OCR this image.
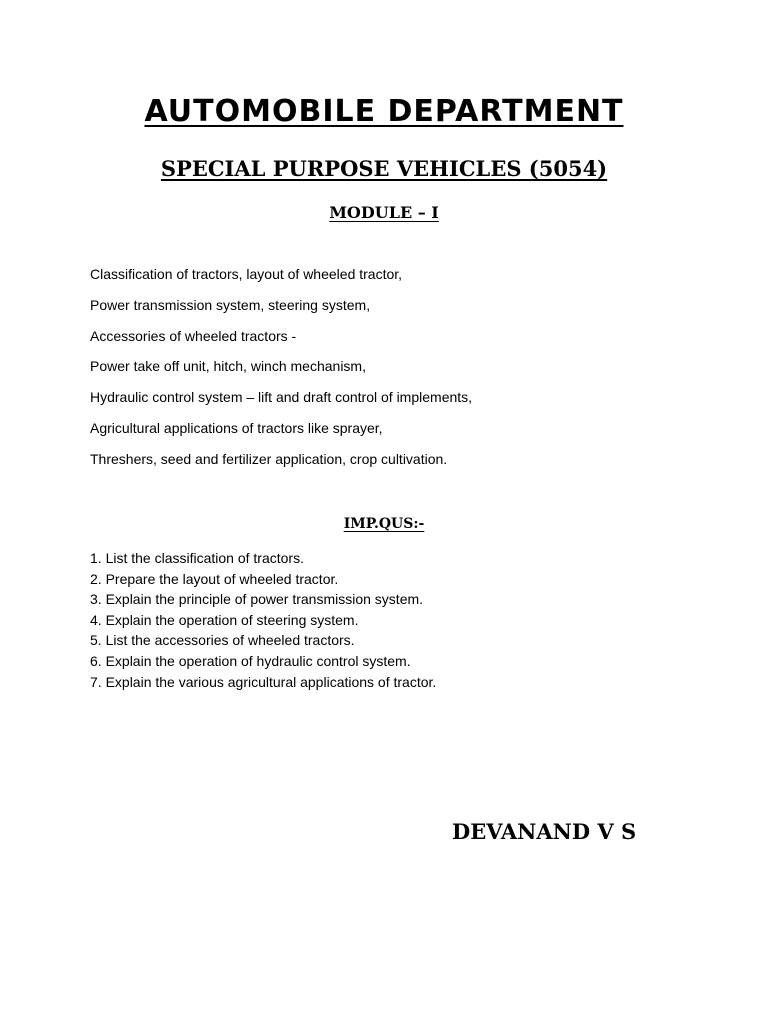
AUTOMOBILE DEPARTMENT
SPECIAL PURPOSE VEHICLES (5054)
MODULE – I
Classification of tractors, layout of wheeled tractor,
Power transmission system, steering system,
Accessories of wheeled tractors -
Power take off unit, hitch, winch mechanism,
Hydraulic control system – lift and draft control of implements,
Agricultural applications of tractors like sprayer,
Threshers, seed and fertilizer application, crop cultivation.
IMP.QUS:-
1. List the classification of tractors.
2. Prepare the layout of wheeled tractor.
3. Explain the principle of power transmission system.
4. Explain the operation of steering system.
5. List the accessories of wheeled tractors.
6. Explain the operation of hydraulic control system.
7. Explain the various agricultural applications of tractor.

DEVANAND V S
